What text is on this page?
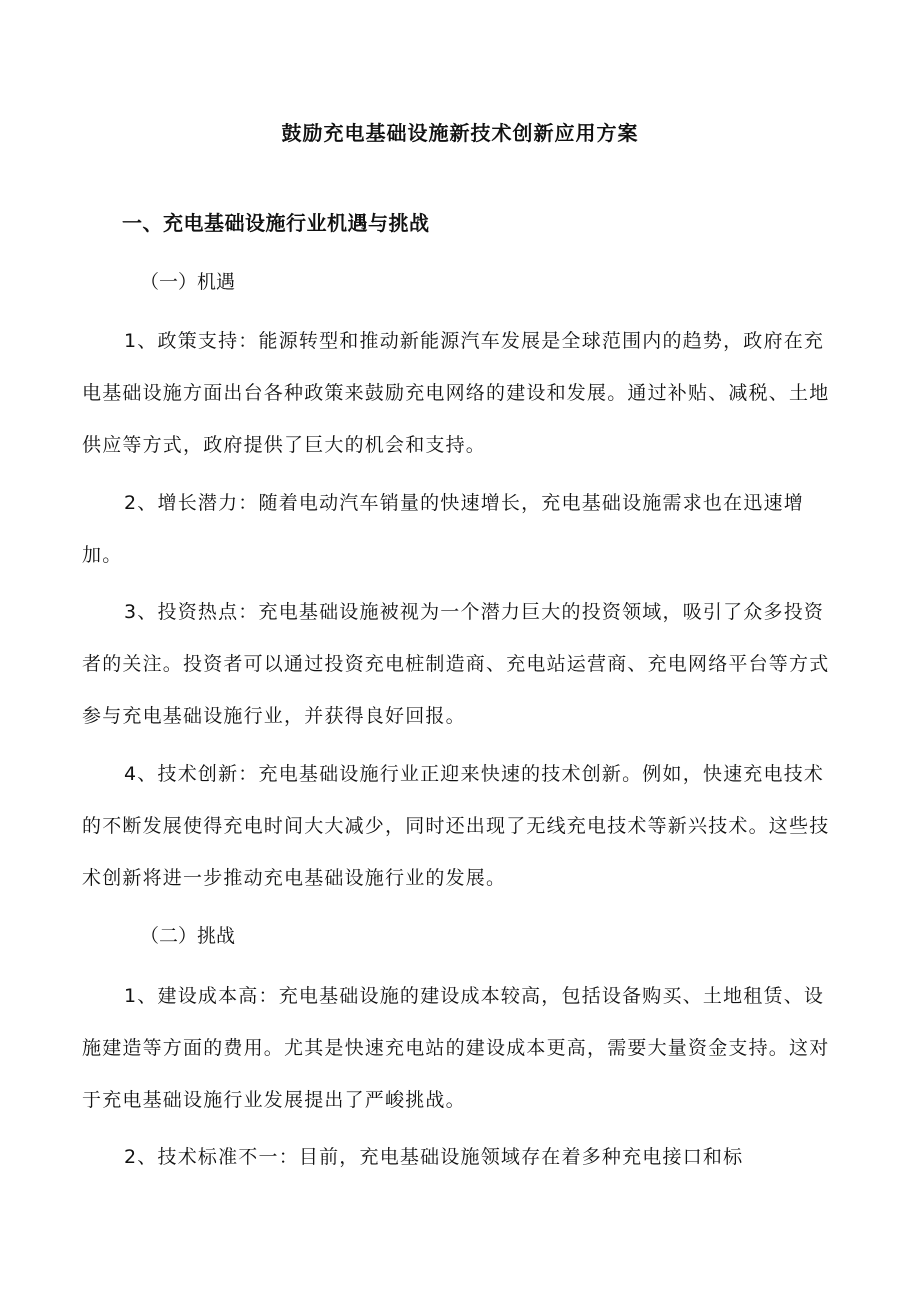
鼓励充电基础设施新技术创新应用方案
一、充电基础设施行业机遇与挑战
（一）机遇
1、政策支持：能源转型和推动新能源汽车发展是全球范围内的趋势，政府在充电基础设施方面出台各种政策来鼓励充电网络的建设和发展。通过补贴、减税、土地供应等方式，政府提供了巨大的机会和支持。
2、增长潜力：随着电动汽车销量的快速增长，充电基础设施需求也在迅速增加。
3、投资热点：充电基础设施被视为一个潜力巨大的投资领域，吸引了众多投资者的关注。投资者可以通过投资充电桩制造商、充电站运营商、充电网络平台等方式参与充电基础设施行业，并获得良好回报。
4、技术创新：充电基础设施行业正迎来快速的技术创新。例如，快速充电技术的不断发展使得充电时间大大减少，同时还出现了无线充电技术等新兴技术。这些技术创新将进一步推动充电基础设施行业的发展。
（二）挑战
1、建设成本高：充电基础设施的建设成本较高，包括设备购买、土地租赁、设施建造等方面的费用。尤其是快速充电站的建设成本更高，需要大量资金支持。这对于充电基础设施行业发展提出了严峻挑战。
2、技术标准不一：目前，充电基础设施领域存在着多种充电接口和标
